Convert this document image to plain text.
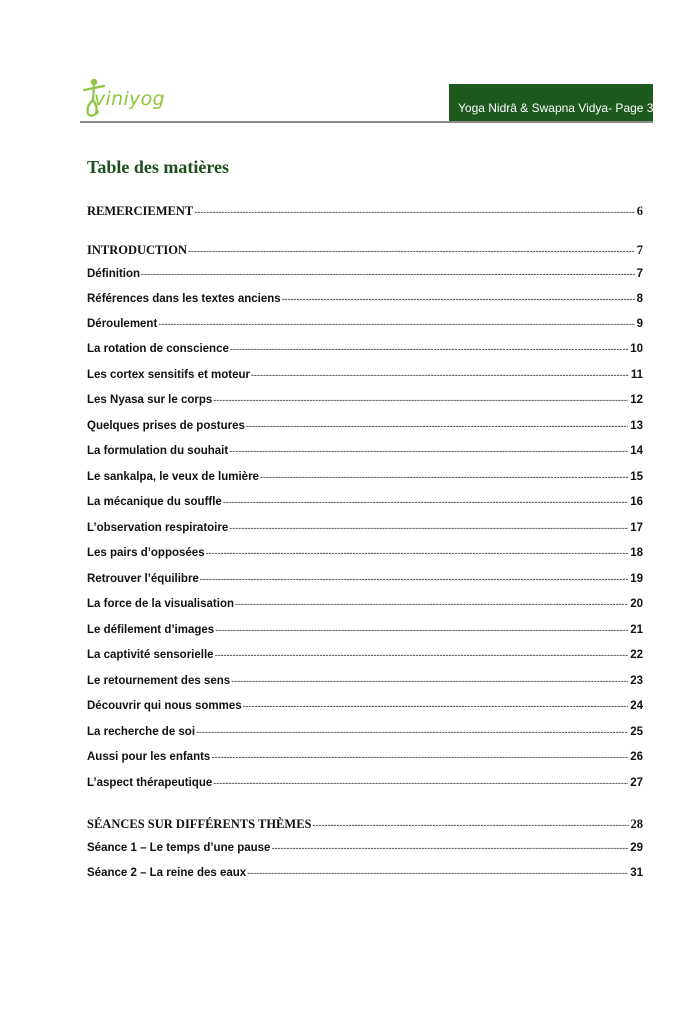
viniyog	Yoga Nidrâ & Swapna Vidya- Page 3
Table des matières
REMERCIEMENT -----	6
INTRODUCTION -----	7
Définition -----	7
Références dans les textes anciens -----	8
Déroulement -----	9
La rotation de conscience -----	10
Les cortex sensitifs et moteur -----	11
Les Nyasa sur le corps -----	12
Quelques prises de postures -----	13
La formulation du souhait -----	14
Le sankalpa, le veux de lumière -----	15
La mécanique du souffle -----	16
L’observation respiratoire -----	17
Les pairs d’opposées -----	18
Retrouver l’équilibre -----	19
La force de la visualisation -----	20
Le défilement d’images -----	21
La captivité sensorielle -----	22
Le retournement des sens -----	23
Découvrir qui nous sommes -----	24
La recherche de soi -----	25
Aussi pour les enfants -----	26
L’aspect thérapeutique -----	27
SÉANCES SUR DIFFÉRENTS THÈMES -----	28
Séance 1 – Le temps d’une pause -----	29
Séance 2 – La reine des eaux -----	31
